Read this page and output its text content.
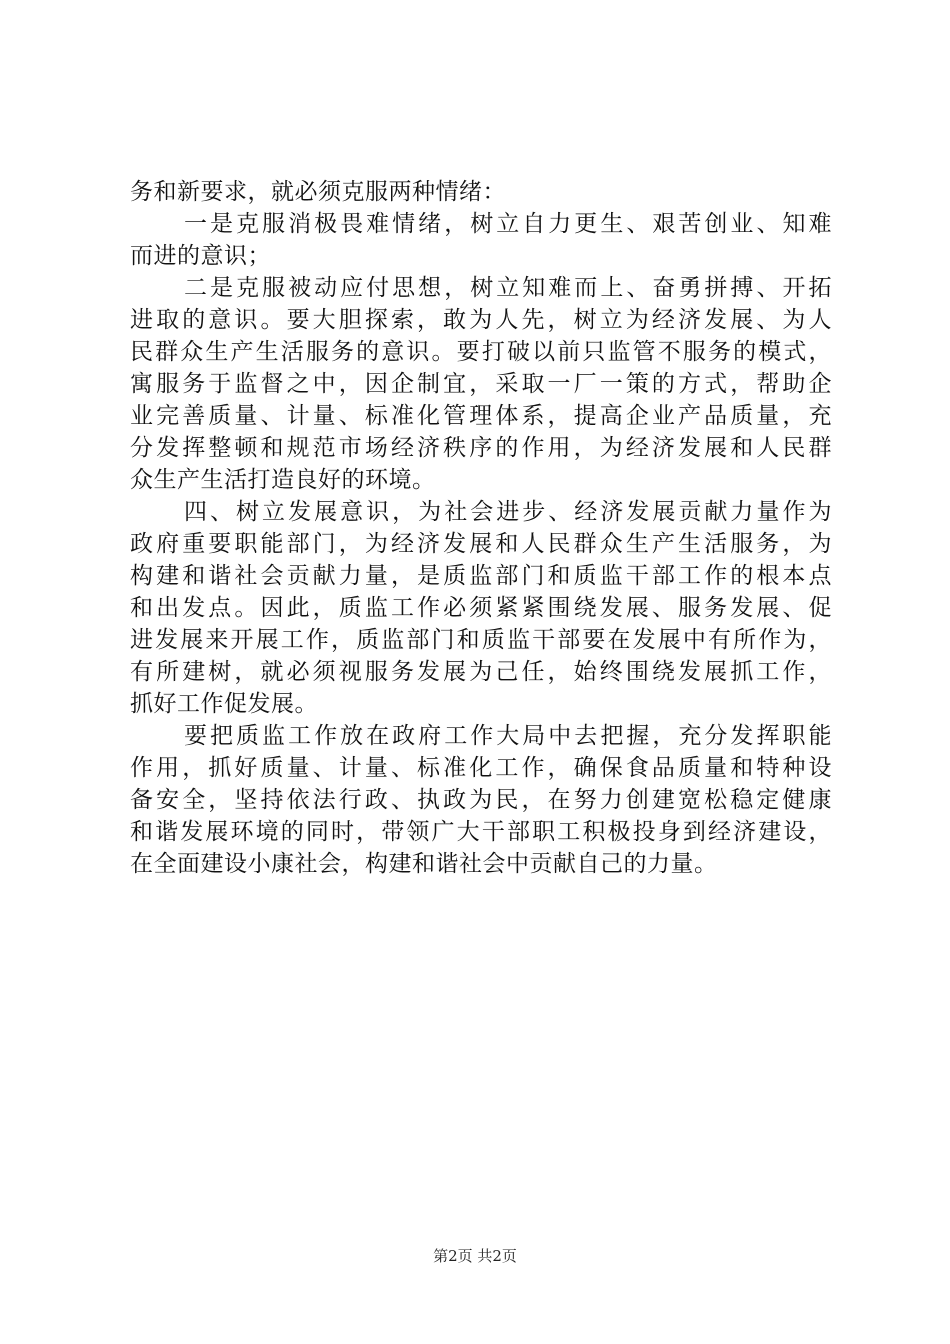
务和新要求，就必须克服两种情绪：
一是克服消极畏难情绪，树立自力更生、艰苦创业、知难
而进的意识；
二是克服被动应付思想，树立知难而上、奋勇拼搏、开拓
进取的意识。要大胆探索，敢为人先，树立为经济发展、为人
民群众生产生活服务的意识。要打破以前只监管不服务的模式，
寓服务于监督之中，因企制宜，采取一厂一策的方式，帮助企
业完善质量、计量、标准化管理体系，提高企业产品质量，充
分发挥整顿和规范市场经济秩序的作用，为经济发展和人民群
众生产生活打造良好的环境。
四、树立发展意识，为社会进步、经济发展贡献力量作为
政府重要职能部门，为经济发展和人民群众生产生活服务，为
构建和谐社会贡献力量，是质监部门和质监干部工作的根本点
和出发点。因此，质监工作必须紧紧围绕发展、服务发展、促
进发展来开展工作，质监部门和质监干部要在发展中有所作为，
有所建树，就必须视服务发展为己任，始终围绕发展抓工作，
抓好工作促发展。
要把质监工作放在政府工作大局中去把握，充分发挥职能
作用，抓好质量、计量、标准化工作，确保食品质量和特种设
备安全，坚持依法行政、执政为民，在努力创建宽松稳定健康
和谐发展环境的同时，带领广大干部职工积极投身到经济建设，
在全面建设小康社会，构建和谐社会中贡献自己的力量。
第2页 共2页
